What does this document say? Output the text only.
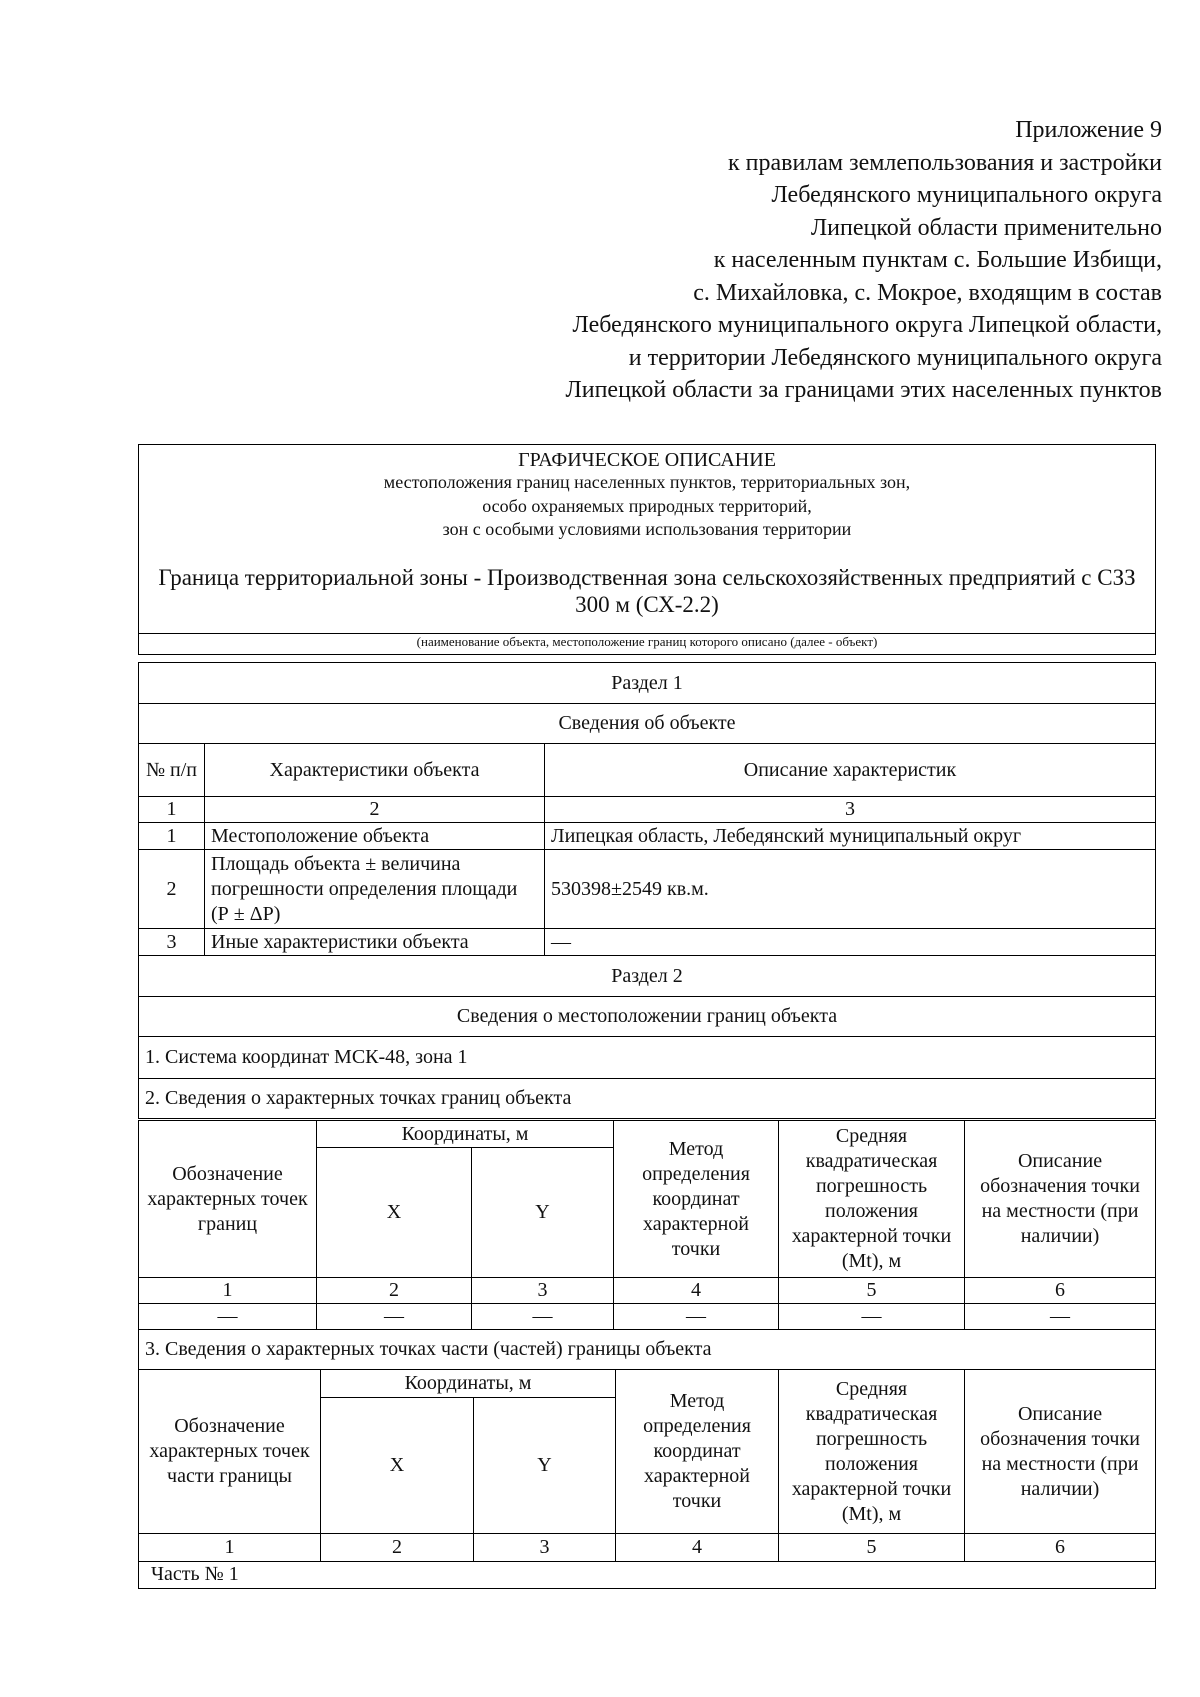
Приложение 9
к правилам землепользования и застройки
Лебедянского муниципального округа
Липецкой области применительно
к населенным пунктам с. Большие Избищи,
с. Михайловка, с. Мокрое, входящим в состав
Лебедянского муниципального округа Липецкой области,
и территории Лебедянского муниципального округа
Липецкой области за границами этих населенных пунктов
ГРАФИЧЕСКОЕ ОПИСАНИЕ
местоположения границ населенных пунктов, территориальных зон,
особо охраняемых природных территорий,
зон с особыми условиями использования территории
Граница территориальной зоны - Производственная зона сельскохозяйственных предприятий с СЗЗ 300 м (СХ-2.2)
(наименование объекта, местоположение границ которого описано (далее - объект)
Раздел 1		
Сведения об объекте		
№ п/п	Характеристики объекта	Описание характеристик
1	2	3
1	Местоположение объекта	Липецкая область, Лебедянский муниципальный округ
2	Площадь объекта ± величина погрешности определения площади (Р ± ΔР)	530398±2549 кв.м.
3	Иные характеристики объекта	—
Раздел 2		
Сведения о местоположении границ объекта		
1. Система координат МСК-48, зона 1		
2. Сведения о характерных точках границ объекта		
Обозначение характерных точек границ	Координаты, м		Метод определения координат характерной точки	Средняя квадратическая погрешность положения характерной точки (Mt), м	Описание обозначения точки на местности (при наличии)
	X	Y			
1	2	3	4	5	6
—	—	—	—	—	—
3. Сведения о характерных точках части (частей) границы объекта					
Обозначение характерных точек части границы	Координаты, м		Метод определения координат характерной точки	Средняя квадратическая погрешность положения характерной точки (Mt), м	Описание обозначения точки на местности (при наличии)
	X	Y			
1	2	3	4	5	6
Часть № 1
